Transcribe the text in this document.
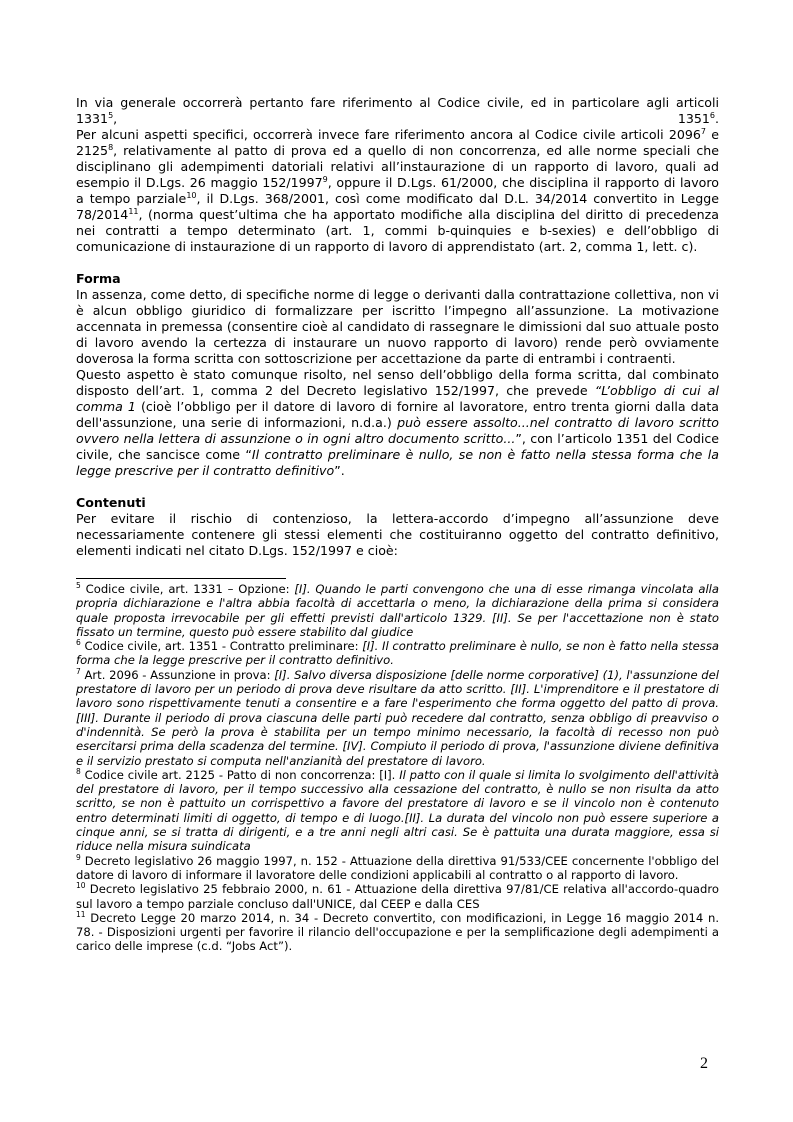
In via generale occorrerà pertanto fare riferimento al Codice civile, ed in particolare agli articoli 1331$^5$, 1351$^6$.

Per alcuni aspetti specifici, occorrerà invece fare riferimento ancora al Codice civile articoli 2096$^7$ e 2125$^8$, relativamente al patto di prova ed a quello di non concorrenza, ed alle norme speciali che disciplinano gli adempimenti datoriali relativi all’instaurazione di un rapporto di lavoro, quali ad esempio il D.Lgs. 26 maggio 152/1997$^9$, oppure il D.Lgs. 61/2000, che disciplina il rapporto di lavoro a tempo parziale$^{10}$, il D.Lgs. 368/2001, così come modificato dal D.L. 34/2014 convertito in Legge 78/2014$^{11}$, (norma quest’ultima che ha apportato modifiche alla disciplina del diritto di precedenza nei contratti a tempo determinato (art. 1, commi b-quinquies e b-sexies) e dell’obbligo di comunicazione di instaurazione di un rapporto di lavoro di apprendistato (art. 2, comma 1, lett. c).

Forma

In assenza, come detto, di specifiche norme di legge o derivanti dalla contrattazione collettiva, non vi è alcun obbligo giuridico di formalizzare per iscritto l’impegno all’assunzione. La motivazione accennata in premessa (consentire cioè al candidato di rassegnare le dimissioni dal suo attuale posto di lavoro avendo la certezza di instaurare un nuovo rapporto di lavoro) rende però ovviamente doverosa la forma scritta con sottoscrizione per accettazione da parte di entrambi i contraenti.

Questo aspetto è stato comunque risolto, nel senso dell’obbligo della forma scritta, dal combinato disposto dell’art. 1, comma 2 del Decreto legislativo 152/1997, che prevede “L’obbligo di cui al comma 1 (cioè l’obbligo per il datore di lavoro di fornire al lavoratore, entro trenta giorni dalla data dell'assunzione, una serie di informazioni, n.d.a.) può essere assolto...nel contratto di lavoro scritto ovvero nella lettera di assunzione o in ogni altro documento scritto...”, con l’articolo 1351 del Codice civile, che sancisce come “Il contratto preliminare è nullo, se non è fatto nella stessa forma che la legge prescrive per il contratto definitivo”.

Contenuti

Per evitare il rischio di contenzioso, la lettera-accordo d’impegno all’assunzione deve necessariamente contenere gli stessi elementi che costituiranno oggetto del contratto definitivo, elementi indicati nel citato D.Lgs. 152/1997 e cioè:

$^5$ Codice civile, art. 1331 – Opzione: [I]. Quando le parti convengono che una di esse rimanga vincolata alla propria dichiarazione e l'altra abbia facoltà di accettarla o meno, la dichiarazione della prima si considera quale proposta irrevocabile per gli effetti previsti dall'articolo 1329. [II]. Se per l'accettazione non è stato fissato un termine, questo può essere stabilito dal giudice

$^6$ Codice civile, art. 1351 - Contratto preliminare: [I]. Il contratto preliminare è nullo, se non è fatto nella stessa forma che la legge prescrive per il contratto definitivo.

$^7$ Art. 2096 - Assunzione in prova: [I]. Salvo diversa disposizione [delle norme corporative] (1), l'assunzione del prestatore di lavoro per un periodo di prova deve risultare da atto scritto. [II]. L'imprenditore e il prestatore di lavoro sono rispettivamente tenuti a consentire e a fare l'esperimento che forma oggetto del patto di prova. [III]. Durante il periodo di prova ciascuna delle parti può recedere dal contratto, senza obbligo di preavviso o d'indennità. Se però la prova è stabilita per un tempo minimo necessario, la facoltà di recesso non può esercitarsi prima della scadenza del termine. [IV]. Compiuto il periodo di prova, l'assunzione diviene definitiva e il servizio prestato si computa nell'anzianità del prestatore di lavoro.

$^8$ Codice civile art. 2125 - Patto di non concorrenza: [I]. Il patto con il quale si limita lo svolgimento dell'attività del prestatore di lavoro, per il tempo successivo alla cessazione del contratto, è nullo se non risulta da atto scritto, se non è pattuito un corrispettivo a favore del prestatore di lavoro e se il vincolo non è contenuto entro determinati limiti di oggetto, di tempo e di luogo.[II]. La durata del vincolo non può essere superiore a cinque anni, se si tratta di dirigenti, e a tre anni negli altri casi. Se è pattuita una durata maggiore, essa si riduce nella misura suindicata

$^9$ Decreto legislativo 26 maggio 1997, n. 152 - Attuazione della direttiva 91/533/CEE concernente l'obbligo del datore di lavoro di informare il lavoratore delle condizioni applicabili al contratto o al rapporto di lavoro.

$^{10}$ Decreto legislativo 25 febbraio 2000, n. 61 - Attuazione della direttiva 97/81/CE relativa all'accordo-quadro sul lavoro a tempo parziale concluso dall'UNICE, dal CEEP e dalla CES

$^{11}$ Decreto Legge 20 marzo 2014, n. 34 - Decreto convertito, con modificazioni, in Legge 16 maggio 2014 n. 78. - Disposizioni urgenti per favorire il rilancio dell'occupazione e per la semplificazione degli adempimenti a carico delle imprese (c.d. “Jobs Act”).

2
